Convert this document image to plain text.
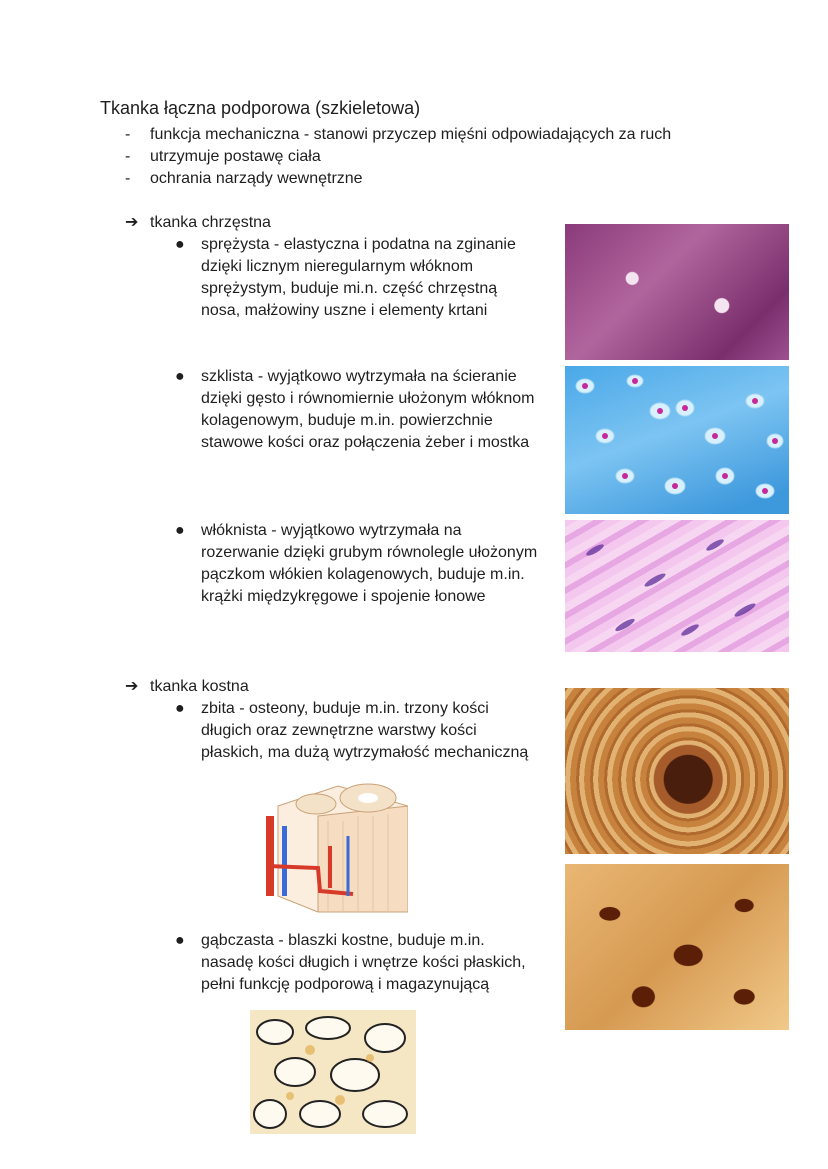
Tkanka łączna podporowa (szkieletowa)
- funkcja mechaniczna - stanowi przyczep mięśni odpowiadających za ruch
- utrzymuje postawę ciała
- ochrania narządy wewnętrzne
➔ tkanka chrzęstna
● sprężysta - elastyczna i podatna na zginanie
dzięki licznym nieregularnym włóknom
sprężystym, buduje mi.n. część chrzęstną
nosa, małżowiny uszne i elementy krtani
● szklista - wyjątkowo wytrzymała na ścieranie
dzięki gęsto i równomiernie ułożonym włóknom
kolagenowym, buduje m.in. powierzchnie
stawowe kości oraz połączenia żeber i mostka
● włóknista - wyjątkowo wytrzymała na
rozerwanie dzięki grubym równolegle ułożonym
pączkom włókien kolagenowych, buduje m.in.
krążki międzykręgowe i spojenie łonowe
➔ tkanka kostna
● zbita - osteony, buduje m.in. trzony kości
długich oraz zewnętrzne warstwy kości
płaskich, ma dużą wytrzymałość mechaniczną
● gąbczasta - blaszki kostne, buduje m.in.
nasadę kości długich i wnętrze kości płaskich,
pełni funkcję podporową i magazynującą
